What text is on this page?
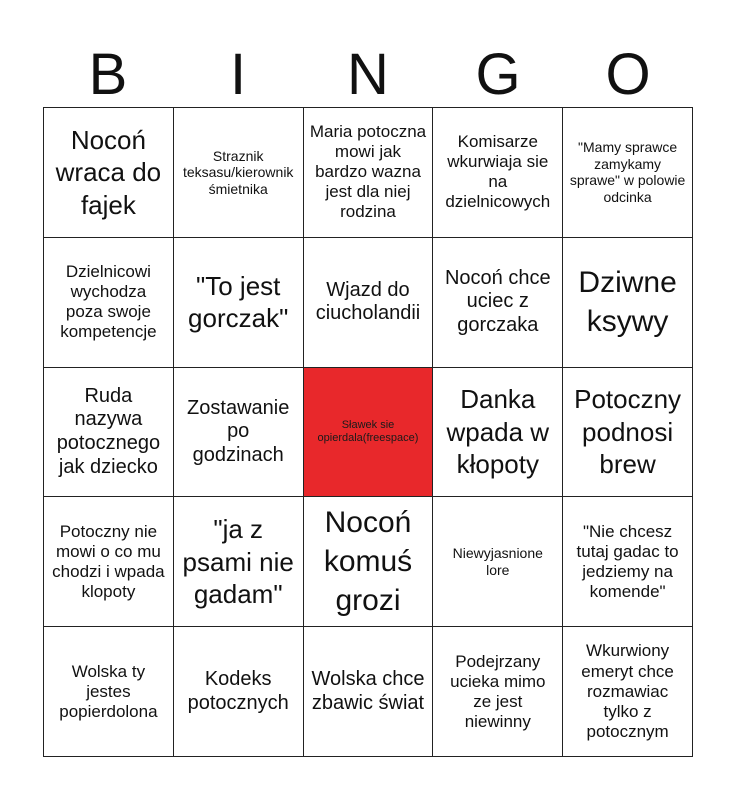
B	I	N	G	O
Nocoń wraca do fajek
Straznik teksasu/kierownik śmietnika
Maria potoczna mowi jak bardzo wazna jest dla niej rodzina
Komisarze wkurwiaja sie na dzielnicowych
"Mamy sprawce zamykamy sprawe" w polowie odcinka
Dzielnicowi wychodza poza swoje kompetencje
"To jest gorczak"
Wjazd do ciucholandii
Nocoń chce uciec z gorczaka
Dziwne ksywy
Ruda nazywa potocznego jak dziecko
Zostawanie po godzinach
Sławek sie opierdala(freespace)
Danka wpada w kłopoty
Potoczny podnosi brew
Potoczny nie mowi o co mu chodzi i wpada klopoty
"ja z psami nie gadam"
Nocoń komuś grozi
Niewyjasnione lore
"Nie chcesz tutaj gadac to jedziemy na komende"
Wolska ty jestes popierdolona
Kodeks potocznych
Wolska chce zbawic świat
Podejrzany ucieka mimo ze jest niewinny
Wkurwiony emeryt chce rozmawiac tylko z potocznym
